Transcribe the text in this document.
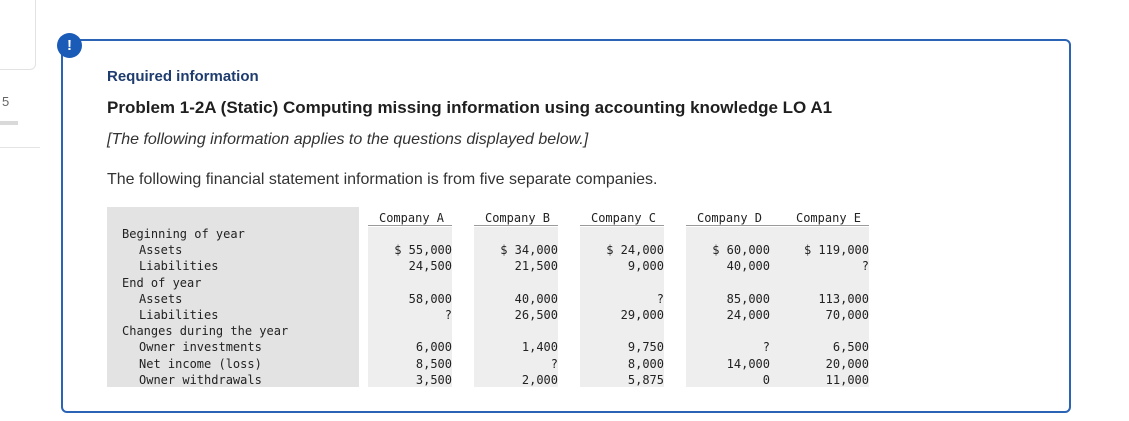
5
!
Required information
Problem 1-2A (Static) Computing missing information using accounting knowledge LO A1
[The following information applies to the questions displayed below.]
The following financial statement information is from five separate companies.
Company A	Company B	Company C	Company D	Company E
Beginning of year
Assets	$ 55,000	$ 34,000	$ 24,000	$ 60,000	$ 119,000
Liabilities	24,500	21,500	9,000	40,000	?
End of year
Assets	58,000	40,000	?	85,000	113,000
Liabilities	?	26,500	29,000	24,000	70,000
Changes during the year
Owner investments	6,000	1,400	9,750	?	6,500
Net income (loss)	8,500	?	8,000	14,000	20,000
Owner withdrawals	3,500	2,000	5,875	0	11,000
